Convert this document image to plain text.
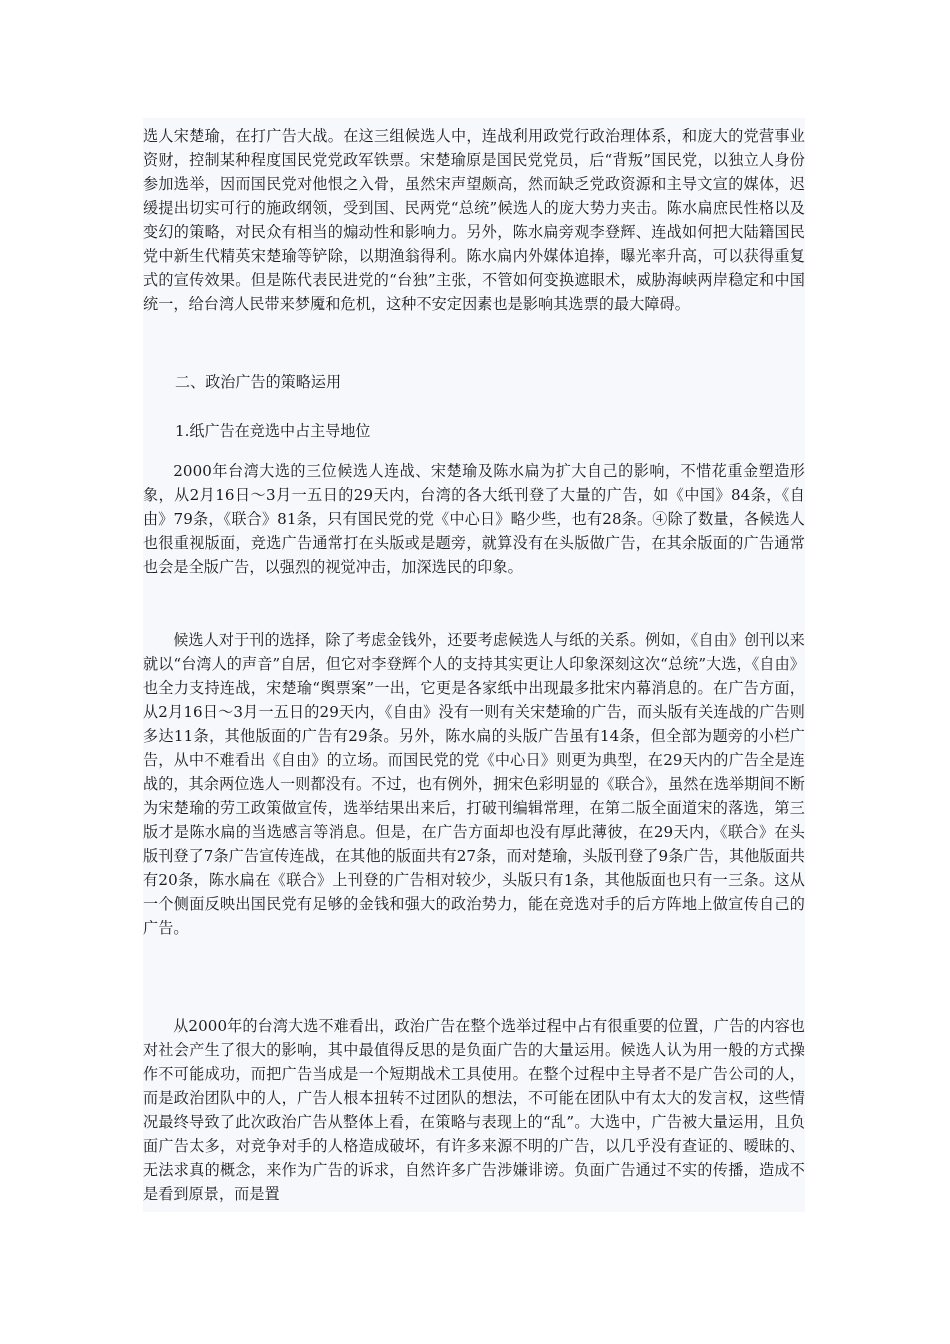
选人宋楚瑜，在打广告大战。在这三组候选人中，连战利用政党行政治理体系，和庞大的党营事业资财，控制某种程度国民党党政军铁票。宋楚瑜原是国民党党员，后“背叛”国民党，以独立人身份参加选举，因而国民党对他恨之入骨，虽然宋声望颇高，然而缺乏党政资源和主导文宣的媒体，迟缓提出切实可行的施政纲领，受到国、民两党“总统”候选人的庞大势力夹击。陈水扁庶民性格以及变幻的策略，对民众有相当的煽动性和影响力。另外，陈水扁旁观李登辉、连战如何把大陆籍国民党中新生代精英宋楚瑜等铲除，以期渔翁得利。陈水扁内外媒体追捧，曝光率升高，可以获得重复式的宣传效果。但是陈代表民进党的“台独”主张，不管如何变换遮眼术，威胁海峡两岸稳定和中国统一，给台湾人民带来梦魇和危机，这种不安定因素也是影响其选票的最大障碍。

二、政治广告的策略运用

1.纸广告在竞选中占主导地位

2000年台湾大选的三位候选人连战、宋楚瑜及陈水扁为扩大自己的影响，不惜花重金塑造形象，从2月16日～3月一五日的29天内，台湾的各大纸刊登了大量的广告，如《中国》84条，《自由》79条，《联合》81条，只有国民党的党《中心日》略少些，也有28条。④除了数量，各候选人也很重视版面，竞选广告通常打在头版或是题旁，就算没有在头版做广告，在其余版面的广告通常也会是全版广告，以强烈的视觉冲击，加深选民的印象。

候选人对于刊的选择，除了考虑金钱外，还要考虑候选人与纸的关系。例如，《自由》创刊以来就以“台湾人的声音”自居，但它对李登辉个人的支持其实更让人印象深刻这次“总统”大选，《自由》也全力支持连战，宋楚瑜“舆票案”一出，它更是各家纸中出现最多批宋内幕消息的。在广告方面，从2月16日～3月一五日的29天内，《自由》没有一则有关宋楚瑜的广告，而头版有关连战的广告则多达11条，其他版面的广告有29条。另外，陈水扁的头版广告虽有14条，但全部为题旁的小栏广告，从中不难看出《自由》的立场。而国民党的党《中心日》则更为典型，在29天内的广告全是连战的，其余两位选人一则都没有。不过，也有例外，拥宋色彩明显的《联合》，虽然在选举期间不断为宋楚瑜的劳工政策做宣传，选举结果出来后，打破刊编辑常理，在第二版全面道宋的落选，第三版才是陈水扁的当选感言等消息。但是，在广告方面却也没有厚此薄彼，在29天内，《联合》在头版刊登了7条广告宣传连战，在其他的版面共有27条，而对楚瑜，头版刊登了9条广告，其他版面共有20条，陈水扁在《联合》上刊登的广告相对较少，头版只有1条，其他版面也只有一三条。这从一个侧面反映出国民党有足够的金钱和强大的政治势力，能在竞选对手的后方阵地上做宣传自己的广告。

从2000年的台湾大选不难看出，政治广告在整个选举过程中占有很重要的位置，广告的内容也对社会产生了很大的影响，其中最值得反思的是负面广告的大量运用。候选人认为用一般的方式操作不可能成功，而把广告当成是一个短期战术工具使用。在整个过程中主导者不是广告公司的人，而是政治团队中的人，广告人根本扭转不过团队的想法，不可能在团队中有太大的发言权，这些情况最终导致了此次政治广告从整体上看，在策略与表现上的“乱”。大选中，广告被大量运用，且负面广告太多，对竞争对手的人格造成破坏，有许多来源不明的广告，以几乎没有查证的、暧昧的、无法求真的概念，来作为广告的诉求，自然许多广告涉嫌诽谤。负面广告通过不实的传播，造成不是看到原景，而是置
